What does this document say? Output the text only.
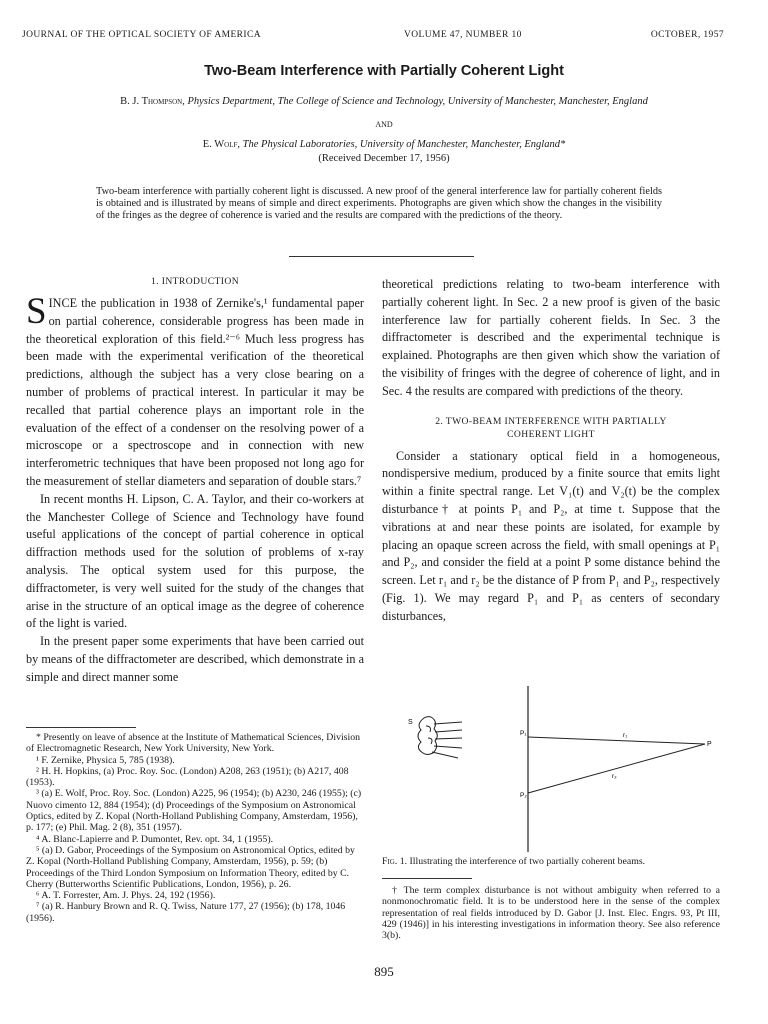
JOURNAL OF THE OPTICAL SOCIETY OF AMERICA	VOLUME 47, NUMBER 10	OCTOBER, 1957
Two-Beam Interference with Partially Coherent Light
B. J. Thompson, Physics Department, The College of Science and Technology, University of Manchester, Manchester, England
AND
E. Wolf, The Physical Laboratories, University of Manchester, Manchester, England*
(Received December 17, 1956)
Two-beam interference with partially coherent light is discussed. A new proof of the general interference law for partially coherent fields is obtained and is illustrated by means of simple and direct experiments. Photographs are given which show the changes in the visibility of the fringes as the degree of coherence is varied and the results are compared with the predictions of the theory.
1. INTRODUCTION

SINCE the publication in 1938 of Zernike's,¹ fundamental paper on partial coherence, considerable progress has been made in the theoretical exploration of this field.²⁻⁶ Much less progress has been made with the experimental verification of the theoretical predictions, although the subject has a very close bearing on a number of problems of practical interest. In particular it may be recalled that partial coherence plays an important role in the evaluation of the effect of a condenser on the resolving power of a microscope or a spectroscope and in connection with new interferometric techniques that have been proposed not long ago for the measurement of stellar diameters and separation of double stars.⁷

In recent months H. Lipson, C. A. Taylor, and their co-workers at the Manchester College of Science and Technology have found useful applications of the concept of partial coherence in optical diffraction methods used for the solution of problems of x-ray analysis. The optical system used for this purpose, the diffractometer, is very well suited for the study of the changes that arise in the structure of an optical image as the degree of coherence of the light is varied.

In the present paper some experiments that have been carried out by means of the diffractometer are described, which demonstrate in a simple and direct manner some

* Presently on leave of absence at the Institute of Mathematical Sciences, Division of Electromagnetic Research, New York University, New York.

¹ F. Zernike, Physica 5, 785 (1938).

² H. H. Hopkins, (a) Proc. Roy. Soc. (London) A208, 263 (1951); (b) A217, 408 (1953).

³ (a) E. Wolf, Proc. Roy. Soc. (London) A225, 96 (1954); (b) A230, 246 (1955); (c) Nuovo cimento 12, 884 (1954); (d) Proceedings of the Symposium on Astronomical Optics, edited by Z. Kopal (North-Holland Publishing Company, Amsterdam, 1956), p. 177; (e) Phil. Mag. 2 (8), 351 (1957).

⁴ A. Blanc-Lapierre and P. Dumontet, Rev. opt. 34, 1 (1955).

⁵ (a) D. Gabor, Proceedings of the Symposium on Astronomical Optics, edited by Z. Kopal (North-Holland Publishing Company, Amsterdam, 1956), p. 59; (b) Proceedings of the Third London Symposium on Information Theory, edited by C. Cherry (Butterworths Scientific Publications, London, 1956), p. 26.

⁶ A. T. Forrester, Am. J. Phys. 24, 192 (1956).

⁷ (a) R. Hanbury Brown and R. Q. Twiss, Nature 177, 27 (1956); (b) 178, 1046 (1956).

theoretical predictions relating to two-beam interference with partially coherent light. In Sec. 2 a new proof is given of the basic interference law for partially coherent fields. In Sec. 3 the diffractometer is described and the experimental technique is explained. Photographs are then given which show the variation of the visibility of fringes with the degree of coherence of light, and in Sec. 4 the results are compared with predictions of the theory.

2. TWO-BEAM INTERFERENCE WITH PARTIALLY
COHERENT LIGHT

Consider a stationary optical field in a homogeneous, nondispersive medium, produced by a finite source that emits light within a finite spectral range. Let V₁(t) and V₂(t) be the complex disturbance† at points P₁ and P₂, at time t. Suppose that the vibrations at and near these points are isolated, for example by placing an opaque screen across the field, with small openings at P₁ and P₂, and consider the field at a point P some distance behind the screen. Let r₁ and r₂ be the distance of P from P₁ and P₂, respectively (Fig. 1). We may regard P₁ and P₁ as centers of secondary disturbances,

S
P₁
P₂
r₁
r₂
P
Fig. 1. Illustrating the interference of two partially coherent beams.
† The term complex disturbance is not without ambiguity when referred to a nonmonochromatic field. It is to be understood here in the sense of the complex representation of real fields introduced by D. Gabor [J. Inst. Elec. Engrs. 93, Pt III, 429 (1946)] in his interesting investigations in information theory. See also reference 3(b).
895
